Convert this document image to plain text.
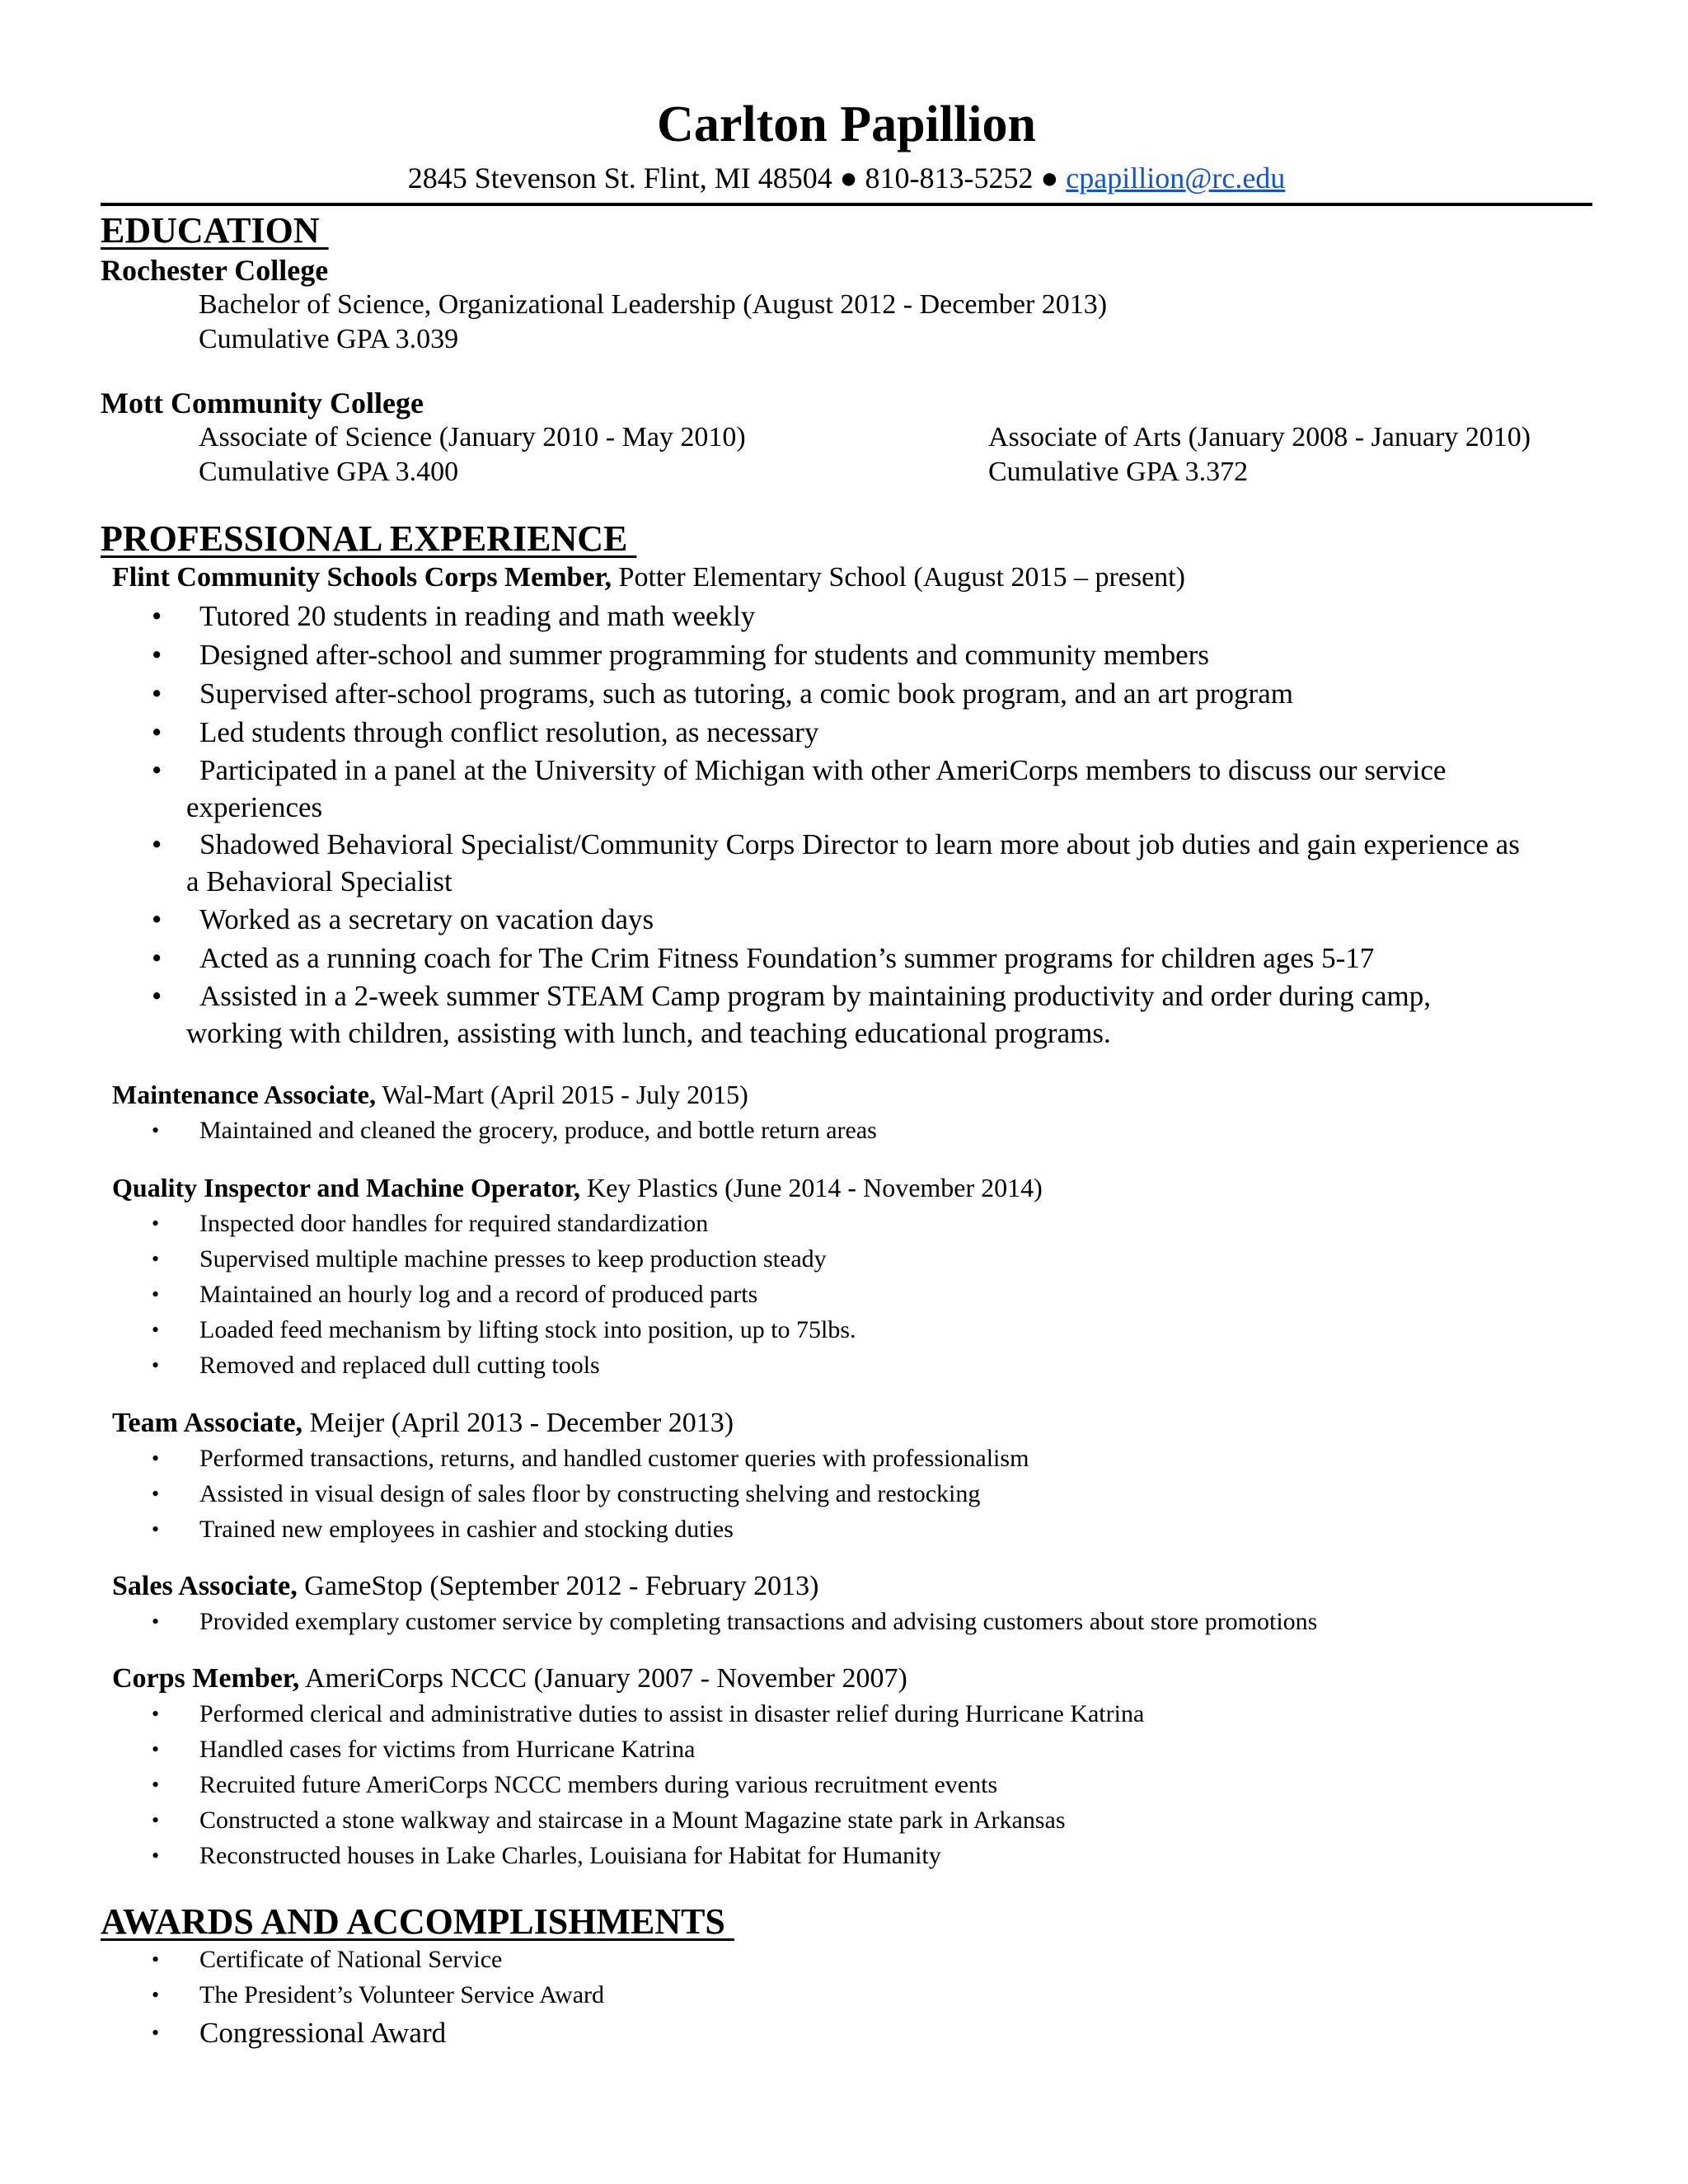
Carlton Papillion
2845 Stevenson St. Flint, MI 48504 ● 810-813-5252 ● cpapillion@rc.edu
EDUCATION
Rochester College
Bachelor of Science, Organizational Leadership (August 2012 - December 2013)
Cumulative GPA 3.039
Mott Community College
Associate of Science (January 2010 - May 2010)
Cumulative GPA 3.400
Associate of Arts (January 2008 - January 2010)
Cumulative GPA 3.372
PROFESSIONAL EXPERIENCE
Flint Community Schools Corps Member, Potter Elementary School (August 2015 – present)
• Tutored 20 students in reading and math weekly
• Designed after-school and summer programming for students and community members
• Supervised after-school programs, such as tutoring, a comic book program, and an art program
• Led students through conflict resolution, as necessary
• Participated in a panel at the University of Michigan with other AmeriCorps members to discuss our service experiences
• Shadowed Behavioral Specialist/Community Corps Director to learn more about job duties and gain experience as a Behavioral Specialist
• Worked as a secretary on vacation days
• Acted as a running coach for The Crim Fitness Foundation’s summer programs for children ages 5-17
• Assisted in a 2-week summer STEAM Camp program by maintaining productivity and order during camp, working with children, assisting with lunch, and teaching educational programs.
Maintenance Associate, Wal-Mart (April 2015 - July 2015)
• Maintained and cleaned the grocery, produce, and bottle return areas
Quality Inspector and Machine Operator, Key Plastics (June 2014 - November 2014)
• Inspected door handles for required standardization
• Supervised multiple machine presses to keep production steady
• Maintained an hourly log and a record of produced parts
• Loaded feed mechanism by lifting stock into position, up to 75lbs.
• Removed and replaced dull cutting tools
Team Associate, Meijer (April 2013 - December 2013)
• Performed transactions, returns, and handled customer queries with professionalism
• Assisted in visual design of sales floor by constructing shelving and restocking
• Trained new employees in cashier and stocking duties
Sales Associate, GameStop (September 2012 - February 2013)
• Provided exemplary customer service by completing transactions and advising customers about store promotions
Corps Member, AmeriCorps NCCC (January 2007 - November 2007)
• Performed clerical and administrative duties to assist in disaster relief during Hurricane Katrina
• Handled cases for victims from Hurricane Katrina
• Recruited future AmeriCorps NCCC members during various recruitment events
• Constructed a stone walkway and staircase in a Mount Magazine state park in Arkansas
• Reconstructed houses in Lake Charles, Louisiana for Habitat for Humanity
AWARDS AND ACCOMPLISHMENTS
• Certificate of National Service
• The President’s Volunteer Service Award
• Congressional Award
